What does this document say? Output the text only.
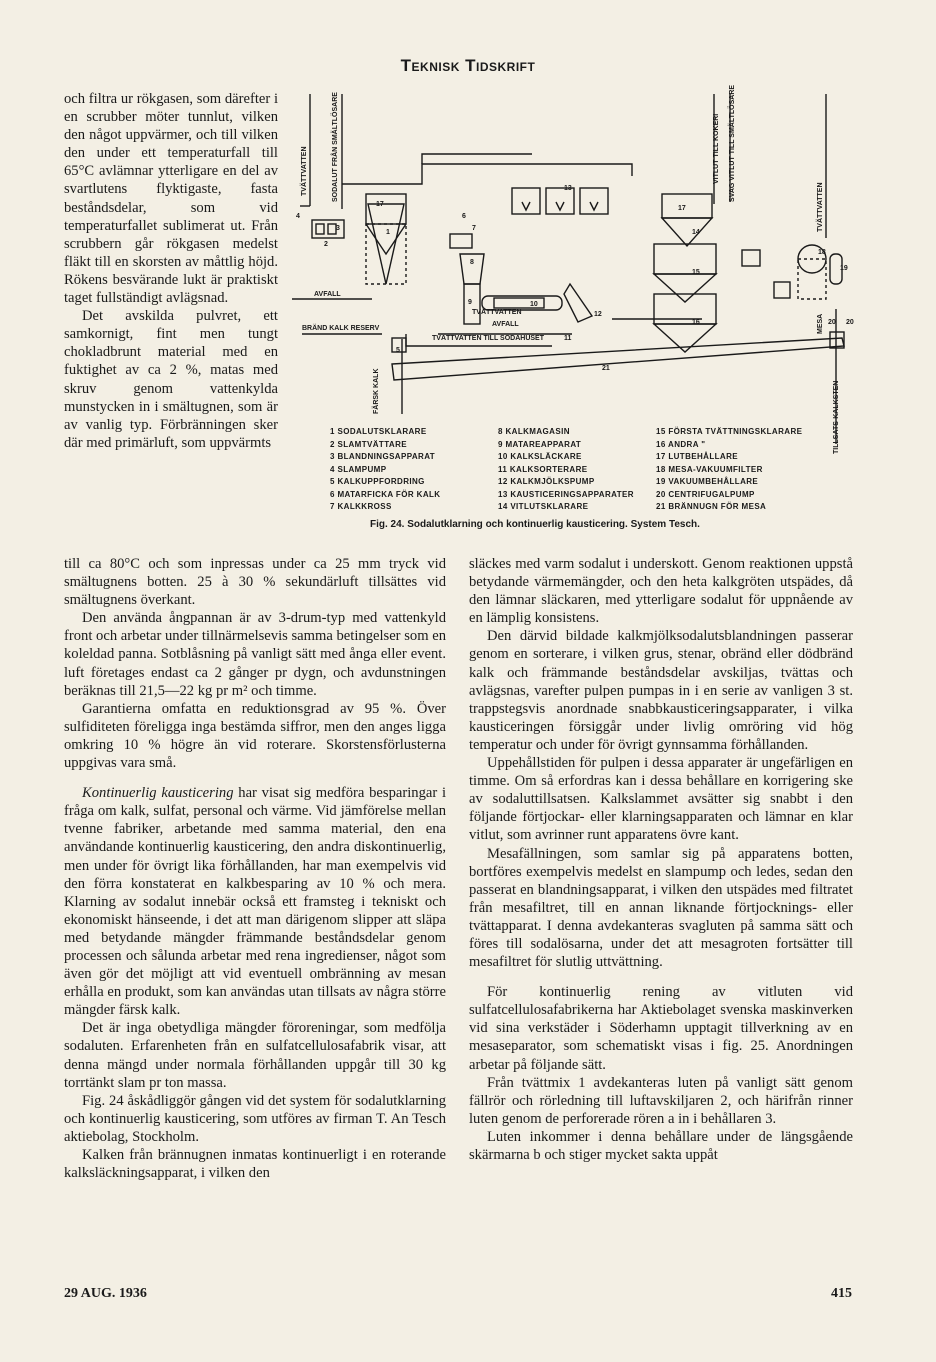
Teknisk Tidskrift

och filtra ur rökgasen, som därefter i en scrubber möter tunnlut, vilken den något uppvärmer, och till vilken den under ett temperaturfall till 65°C avlämnar ytterligare en del av svartlutens flyktigaste, fasta beståndsdelar, som vid temperaturfallet sublimerat ut. Från scrubbern går rökgasen medelst fläkt till en skorsten av måttlig höjd. Rökens besvärande lukt är praktiskt taget fullständigt avlägsnad.

Det avskilda pulvret, ett samkornigt, fint men tungt chokladbrunt material med en fuktighet av ca 2 %, matas med skruv genom vattenkylda munstycken in i smältugnen, som är av vanlig typ. Förbränningen sker där med primärluft, som uppvärmts

TVÄTTVATTEN	SODALUT FRÅN SMÄLTLÖSARE	VITLUT TILL KOKERI SVAG VITLUT TILL SMÄLTLÖSARE
TVÄTTVATTEN
AVFALL
BRÄND KALK RESERV
TVÄTTVATTEN
AVFALL
TVÄTTVATTEN TILL SODAHUSET
FÄRSK KALK
MESA
TILLSATS-KALKSTEN
1
2
3
4
5
6
7
8
9	10
11
12
13
14
15
16
17
17
18
19
20 20
21
1 SODALUTSKLARARE
2 SLAMTVÄTTARE
3 BLANDNINGSAPPARAT
4 SLAMPUMP
5 KALKUPPFORDRING
6 MATARFICKA FÖR KALK
7 KALKKROSS
8 KALKMAGASIN
9 MATAREAPPARAT
10 KALKSLÄCKARE
11 KALKSORTERARE
12 KALKMJÖLKSPUMP
13 KAUSTICERINGSAPPARATER
14 VITLUTSKLARARE
15 FÖRSTA TVÄTTNINGSKLARARE
16 ANDRA "
17 LUTBEHÅLLARE
18 MESA-VAKUUMFILTER
19 VAKUUMBEHÅLLARE
20 CENTRIFUGALPUMP
21 BRÄNNUGN FÖR MESA
Fig. 24. Sodalutklarning och kontinuerlig kausticering. System Tesch.

till ca 80°C och som inpressas under ca 25 mm tryck vid smältugnens botten. 25 à 30 % sekundärluft tillsättes vid smältugnens överkant.

Den använda ångpannan är av 3-drum-typ med vattenkyld front och arbetar under tillnärmelsevis samma betingelser som en koleldad panna. Sotblåsning på vanligt sätt med ånga eller event. luft företages endast ca 2 gånger pr dygn, och avdunstningen beräknas till 21,5—22 kg pr m² och timme.

Garantierna omfatta en reduktionsgrad av 95 %. Över sulfiditeten föreligga inga bestämda siffror, men den anges ligga omkring 10 % högre än vid roterare. Skorstensförlusterna uppgivas vara små.

Kontinuerlig kausticering har visat sig medföra besparingar i fråga om kalk, sulfat, personal och värme. Vid jämförelse mellan tvenne fabriker, arbetande med samma material, den ena användande kontinuerlig kausticering, den andra diskontinuerlig, men under för övrigt lika förhållanden, har man exempelvis vid den förra konstaterat en kalkbesparing av 10 % och mera. Klarning av sodalut innebär också ett framsteg i tekniskt och ekonomiskt hänseende, i det att man därigenom slipper att släpa med betydande mängder främmande beståndsdelar genom processen och sålunda arbetar med rena ingredienser, något som även gör det möjligt att vid eventuell ombränning av mesan erhålla en produkt, som kan användas utan tillsats av några större mängder färsk kalk.

Det är inga obetydliga mängder föroreningar, som medfölja sodaluten. Erfarenheten från en sulfatcellulosafabrik visar, att denna mängd under normala förhållanden uppgår till 30 kg torrtänkt slam pr ton massa.

Fig. 24 åskådliggör gången vid det system för sodalutklarning och kontinuerlig kausticering, som utföres av firman T. An Tesch aktiebolag, Stockholm.

Kalken från brännugnen inmatas kontinuerligt i en roterande kalksläckningsapparat, i vilken den

släckes med varm sodalut i underskott. Genom reaktionen uppstå betydande värmemängder, och den heta kalkgröten utspädes, då den lämnar släckaren, med ytterligare sodalut för uppnående av en lämplig konsistens.

Den därvid bildade kalkmjölksodalutsblandningen passerar genom en sorterare, i vilken grus, stenar, obränd eller dödbränd kalk och främmande beståndsdelar avskiljas, tvättas och avlägsnas, varefter pulpen pumpas in i en serie av vanligen 3 st. trappstegsvis anordnade snabbkausticeringsapparater, i vilka kausticeringen försiggår under livlig omröring vid hög temperatur och under för övrigt gynnsamma förhållanden.

Uppehållstiden för pulpen i dessa apparater är ungefärligen en timme. Om så erfordras kan i dessa behållare en korrigering ske av sodaluttillsatsen. Kalkslammet avsätter sig snabbt i den följande förtjockar- eller klarningsapparaten och lämnar en klar vitlut, som avrinner runt apparatens övre kant.

Mesafällningen, som samlar sig på apparatens botten, bortföres exempelvis medelst en slampump och ledes, sedan den passerat en blandningsapparat, i vilken den utspädes med filtratet från mesafiltret, till en annan liknande förtjocknings- eller tvättapparat. I denna avdekanteras svagluten på samma sätt och föres till sodalösarna, under det att mesagroten fortsätter till mesafiltret för slutlig uttvättning.

För kontinuerlig rening av vitluten vid sulfatcellulosafabrikerna har Aktiebolaget svenska maskinverken vid sina verkstäder i Söderhamn upptagit tillverkning av en mesaseparator, som schematiskt visas i fig. 25. Anordningen arbetar på följande sätt.

Från tvättmix 1 avdekanteras luten på vanligt sätt genom fällrör och rörledning till luftavskiljaren 2, och härifrån rinner luten genom de perforerade rören a in i behållaren 3.

Luten inkommer i denna behållare under de längsgående skärmarna b och stiger mycket sakta uppåt

29 AUG. 1936	415
